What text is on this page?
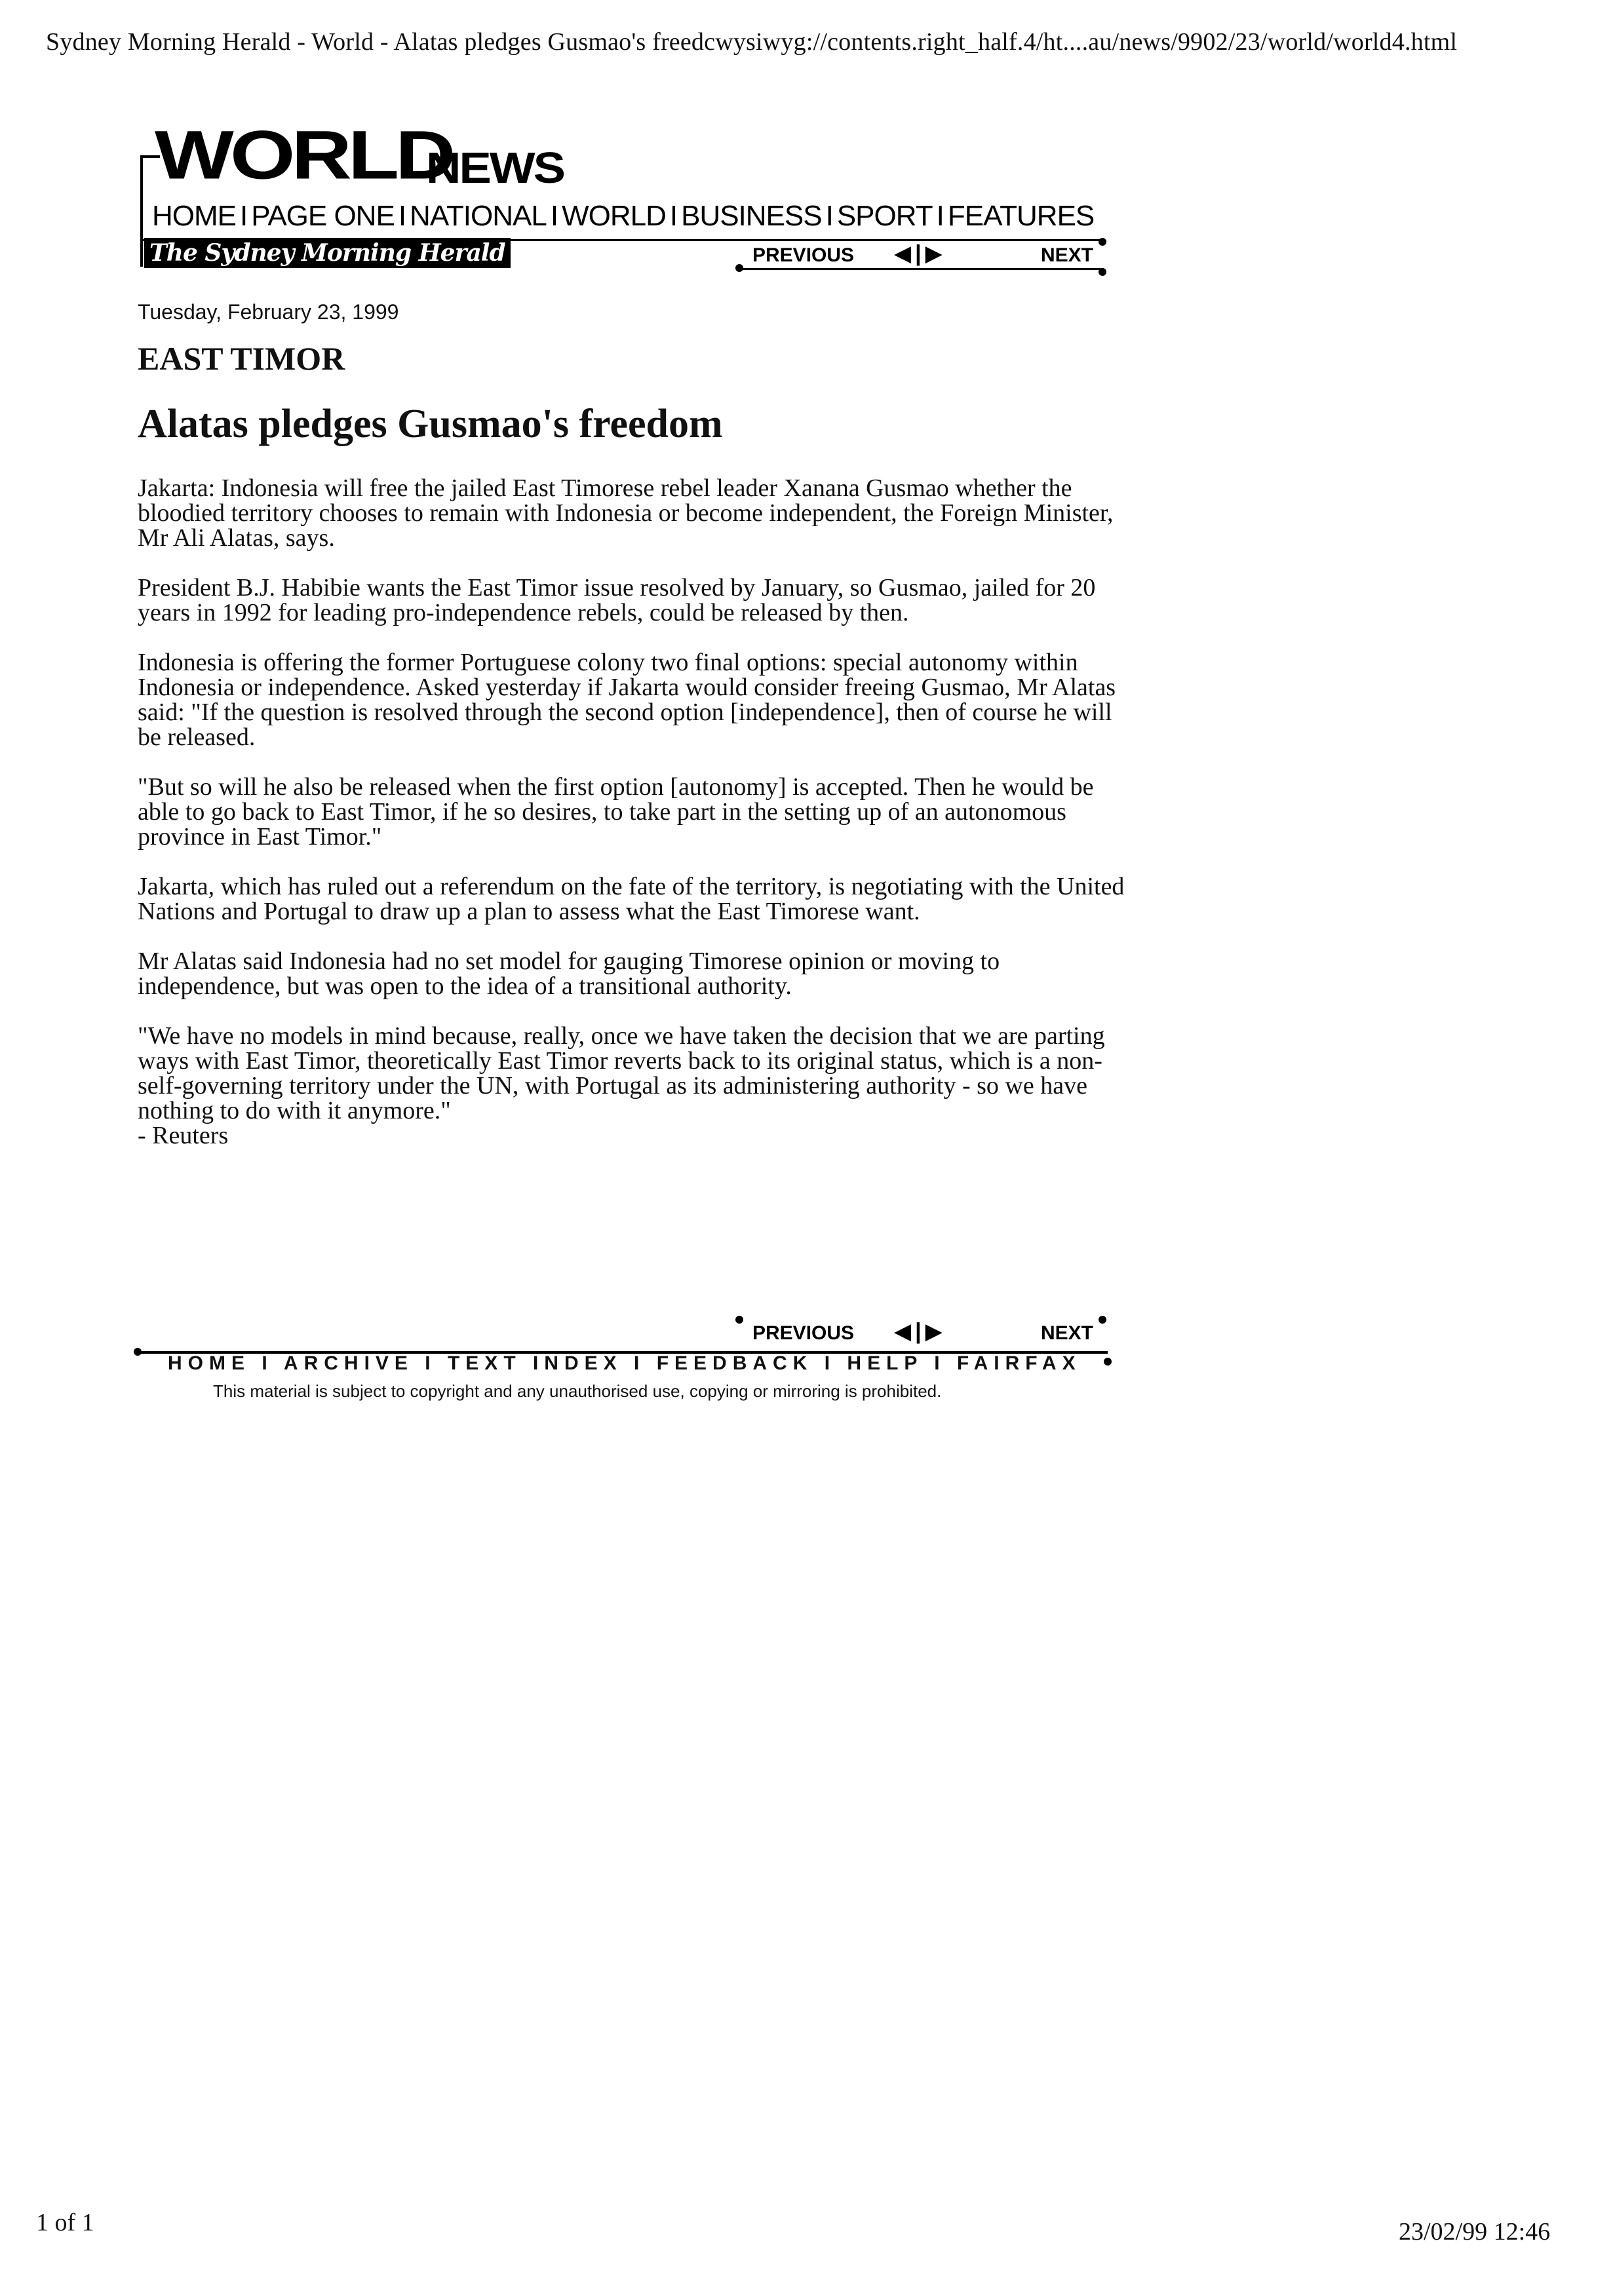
Sydney Morning Herald - World - Alatas pledges Gusmao's freedcwysiwyg://contents.right_half.4/ht....au/news/9902/23/world/world4.html
WORLD
NEWS
HOME I PAGE ONE I NATIONAL I WORLD I BUSINESS I SPORT I FEATURES
The Sydney Morning Herald	PREVIOUS ◀|▶	NEXT
Tuesday, February 23, 1999
EAST TIMOR
Alatas pledges Gusmao's freedom

Jakarta: Indonesia will free the jailed East Timorese rebel leader Xanana Gusmao whether the bloodied territory chooses to remain with Indonesia or become independent, the Foreign Minister, Mr Ali Alatas, says.

President B.J. Habibie wants the East Timor issue resolved by January, so Gusmao, jailed for 20 years in 1992 for leading pro-independence rebels, could be released by then.

Indonesia is offering the former Portuguese colony two final options: special autonomy within Indonesia or independence. Asked yesterday if Jakarta would consider freeing Gusmao, Mr Alatas said: "If the question is resolved through the second option [independence], then of course he will be released.

"But so will he also be released when the first option [autonomy] is accepted. Then he would be able to go back to East Timor, if he so desires, to take part in the setting up of an autonomous province in East Timor."

Jakarta, which has ruled out a referendum on the fate of the territory, is negotiating with the United Nations and Portugal to draw up a plan to assess what the East Timorese want.

Mr Alatas said Indonesia had no set model for gauging Timorese opinion or moving to independence, but was open to the idea of a transitional authority.

"We have no models in mind because, really, once we have taken the decision that we are parting ways with East Timor, theoretically East Timor reverts back to its original status, which is a non-self-governing territory under the UN, with Portugal as its administering authority - so we have nothing to do with it anymore."

- Reuters

PREVIOUS ◀|▶	NEXT
HOME I ARCHIVE I TEXT INDEX I FEEDBACK I HELP I FAIRFAX
This material is subject to copyright and any unauthorised use, copying or mirroring is prohibited.
1 of 1	23/02/99 12:46
